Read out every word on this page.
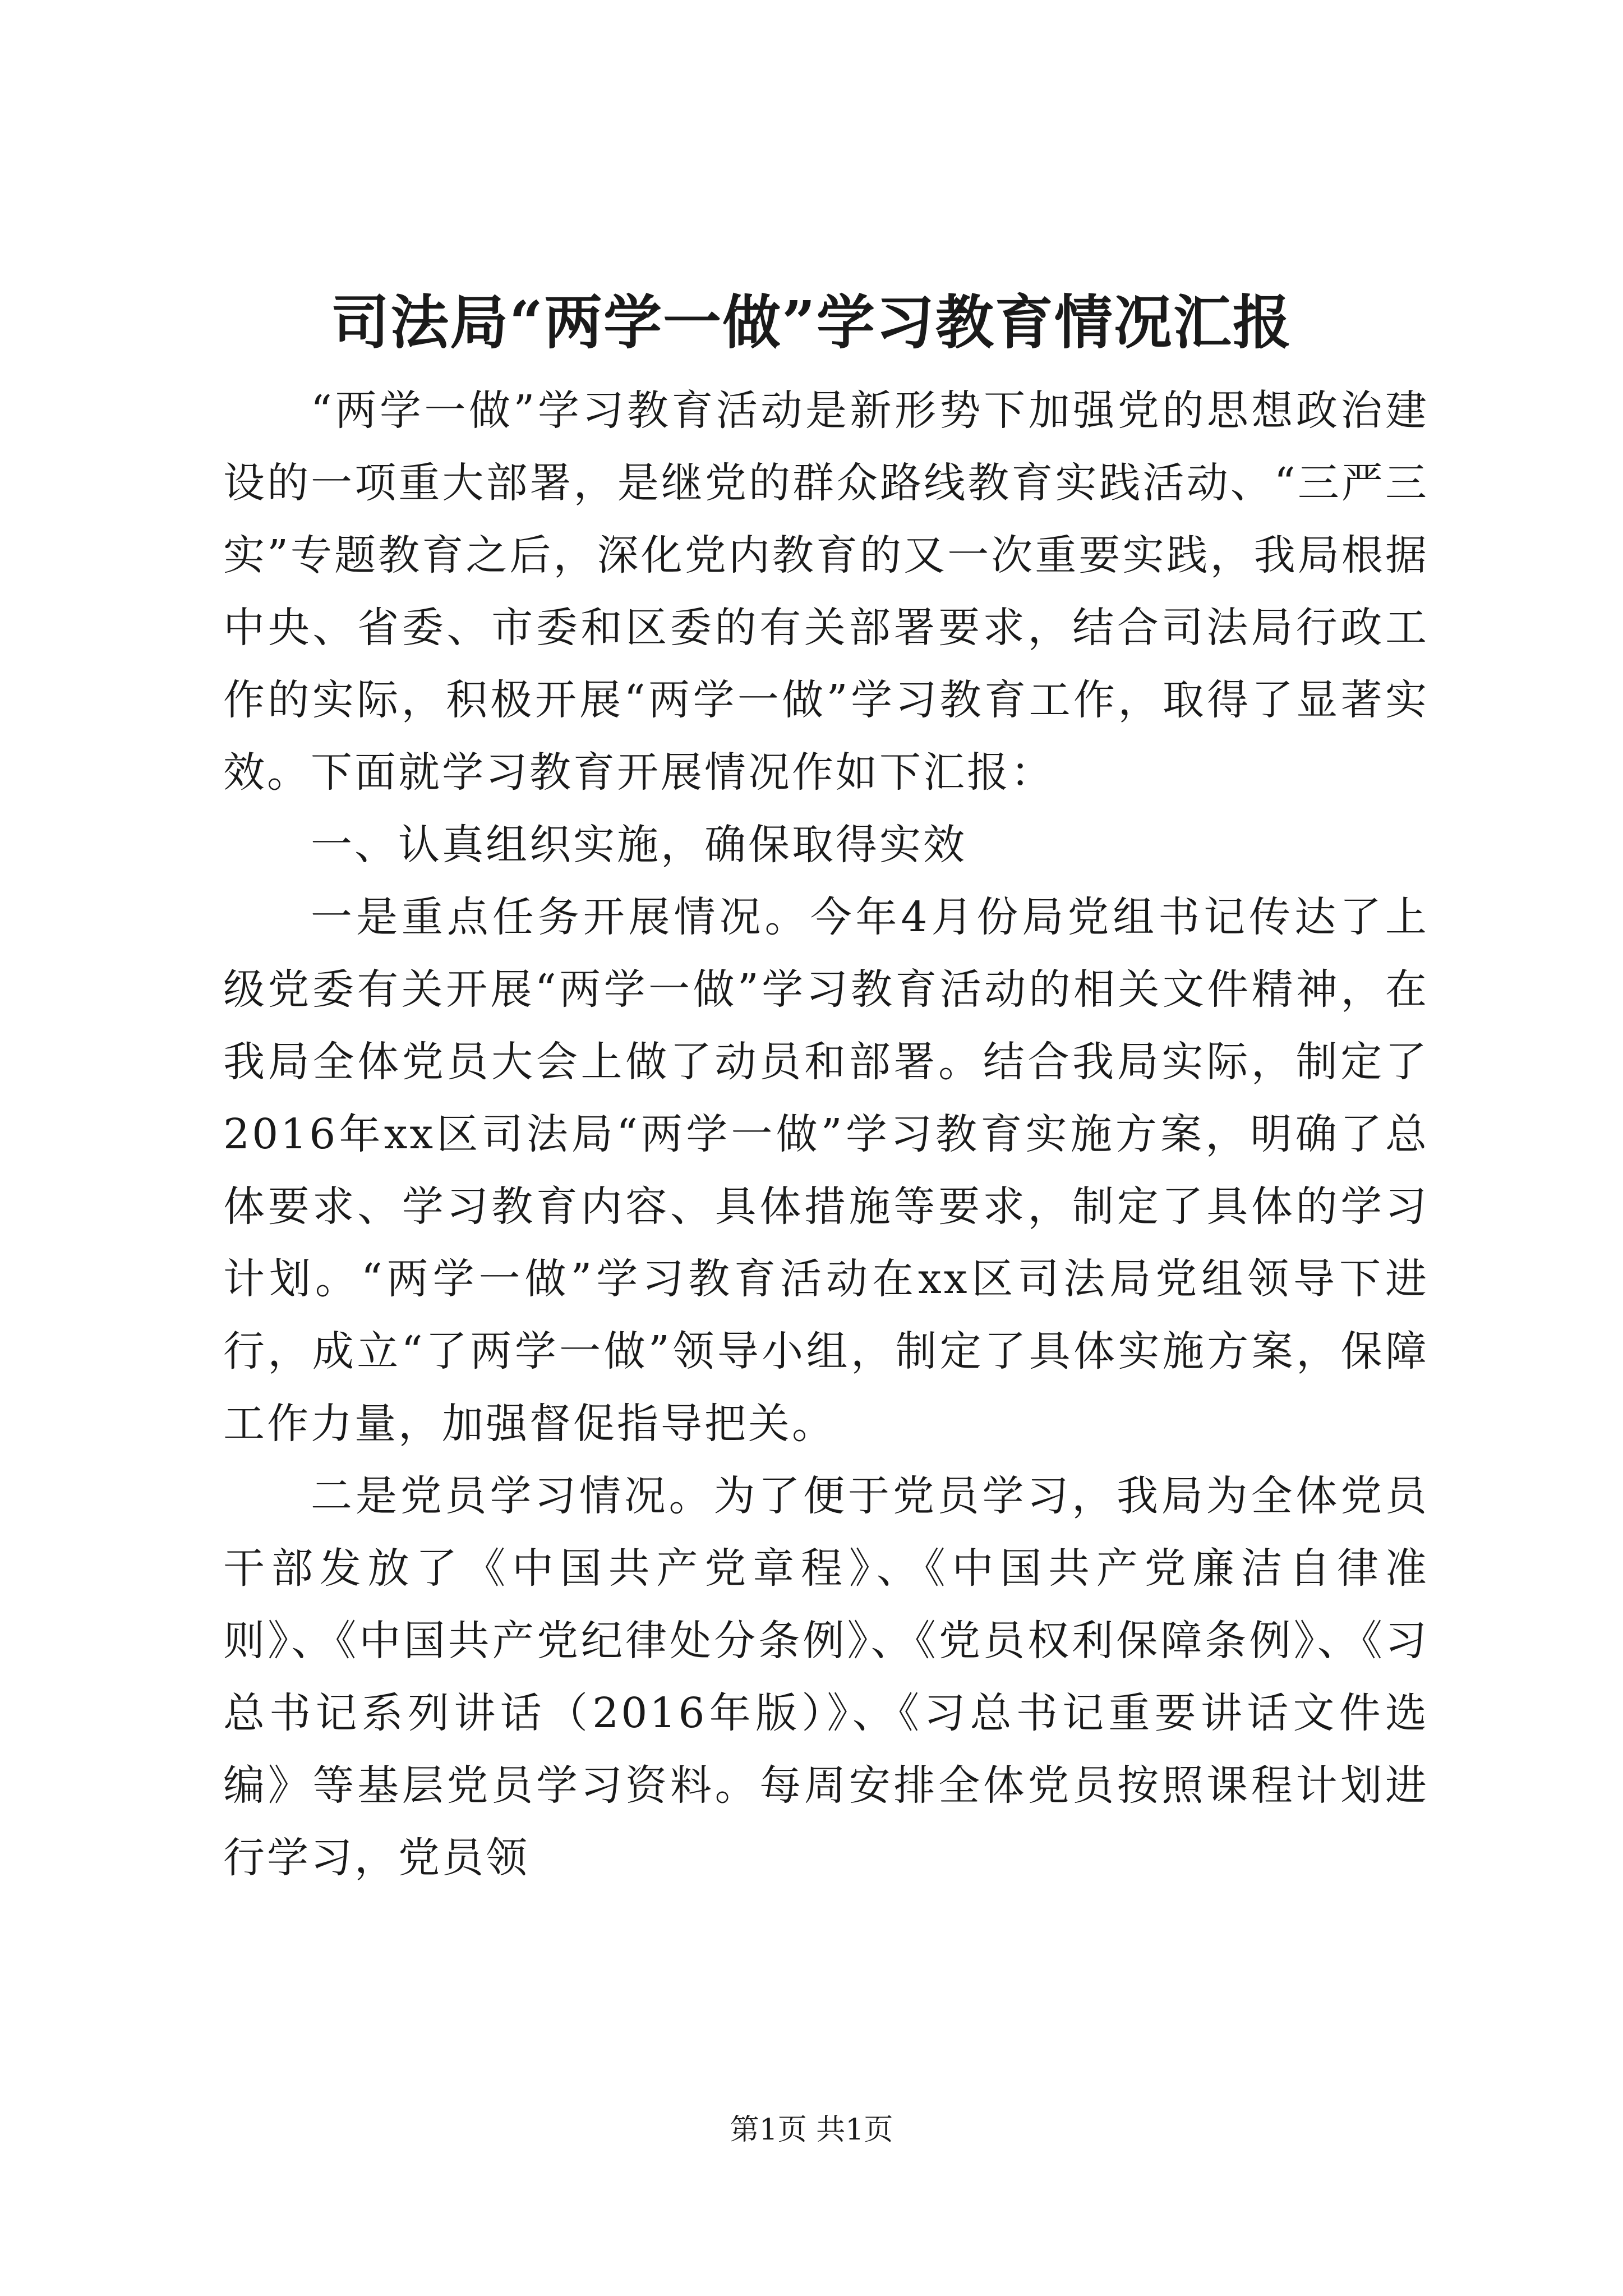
司法局“两学一做”学习教育情况汇报

“两学一做”学习教育活动是新形势下加强党的思想政治建设的一项重大部署，是继党的群众路线教育实践活动、“三严三实”专题教育之后，深化党内教育的又一次重要实践，我局根据中央、省委、市委和区委的有关部署要求，结合司法局行政工作的实际，积极开展“两学一做”学习教育工作，取得了显著实效。下面就学习教育开展情况作如下汇报：

一、认真组织实施，确保取得实效

一是重点任务开展情况。今年4月份局党组书记传达了上级党委有关开展“两学一做”学习教育活动的相关文件精神，在我局全体党员大会上做了动员和部署。结合我局实际，制定了2016年xx区司法局“两学一做”学习教育实施方案，明确了总体要求、学习教育内容、具体措施等要求，制定了具体的学习计划。“两学一做”学习教育活动在xx区司法局党组领导下进行，成立“了两学一做”领导小组，制定了具体实施方案，保障工作力量，加强督促指导把关。

二是党员学习情况。为了便于党员学习，我局为全体党员干部发放了《中国共产党章程》、《中国共产党廉洁自律准则》、《中国共产党纪律处分条例》、《党员权利保障条例》、《习总书记系列讲话（2016年版）》、《习总书记重要讲话文件选编》等基层党员学习资料。每周安排全体党员按照课程计划进行学习，党员领

第1页 共1页
